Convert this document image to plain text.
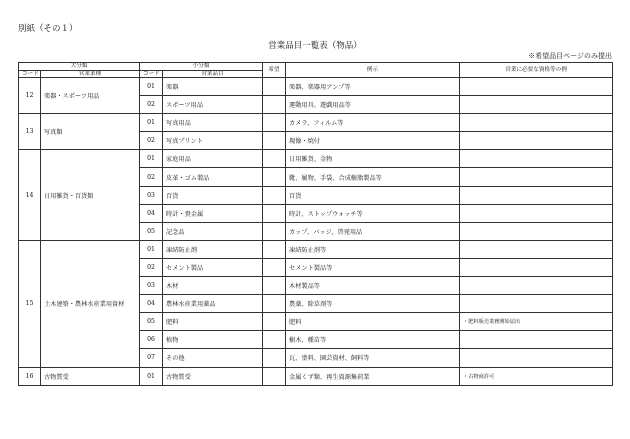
別紙（その１）
営業品目一覧表（物品）
※希望品目ページのみ提出
大分類		小分類		希望	例示	営業に必要な資格等の例
コード	営業業種	コード	営業品目			
12	楽器・スポーツ用品	01	楽器		楽器、楽器用アンプ等	
		02	スポーツ用品		運動用具、遊戯用品等	
13	写真類	01	写真用品		カメラ、フィルム等	
		02	写真プリント		現像・焼付	
14	日用雑貨・百貨類	01	家庭用品		日用雑貨、金物	
		02	皮革・ゴム製品		靴、履物、手袋、合成樹脂製品等	
		03	百貨		百貨	
		04	時計・貴金属		時計、ストップウォッチ等	
		05	記念品		カップ、バッジ、啓発用品	
15	土木建築・農林水産業用資材	01	凍結防止剤		凍結防止剤等	
		02	セメント製品		セメント製品等	
		03	木材		木材製品等	
		04	農林水産業用薬品		農薬、除草剤等	
		05	肥料		肥料	・肥料販売業務開始届出
		06	植物		樹木、種苗等	
		07	その他		瓦、塗料、園芸資材、飼料等	
16	古物質受	01	古物質受		金属くず類、再生資源集荷業	・古物商許可
